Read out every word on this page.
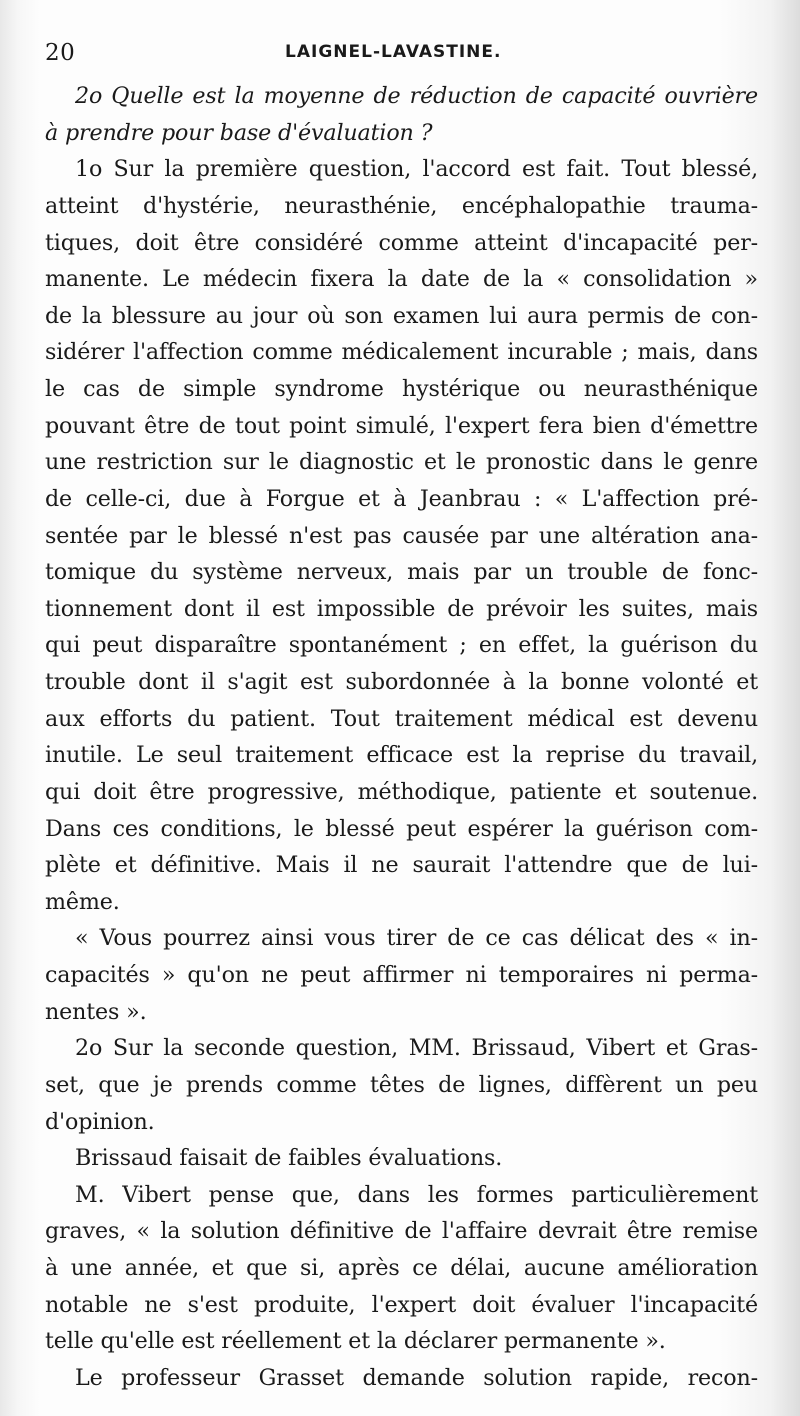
20	LAIGNEL-LAVASTINE.
2o Quelle est la moyenne de réduction de capacité ouvrière
à prendre pour base d'évaluation ?
1o Sur la première question, l'accord est fait. Tout blessé,
atteint d'hystérie, neurasthénie, encéphalopathie trauma-
tiques, doit être considéré comme atteint d'incapacité per-
manente. Le médecin fixera la date de la « consolidation »
de la blessure au jour où son examen lui aura permis de con-
sidérer l'affection comme médicalement incurable ; mais, dans
le cas de simple syndrome hystérique ou neurasthénique
pouvant être de tout point simulé, l'expert fera bien d'émettre
une restriction sur le diagnostic et le pronostic dans le genre
de celle-ci, due à Forgue et à Jeanbrau : « L'affection pré-
sentée par le blessé n'est pas causée par une altération ana-
tomique du système nerveux, mais par un trouble de fonc-
tionnement dont il est impossible de prévoir les suites, mais
qui peut disparaître spontanément ; en effet, la guérison du
trouble dont il s'agit est subordonnée à la bonne volonté et
aux efforts du patient. Tout traitement médical est devenu
inutile. Le seul traitement efficace est la reprise du travail,
qui doit être progressive, méthodique, patiente et soutenue.
Dans ces conditions, le blessé peut espérer la guérison com-
plète et définitive. Mais il ne saurait l'attendre que de lui-
même.
« Vous pourrez ainsi vous tirer de ce cas délicat des « in-
capacités » qu'on ne peut affirmer ni temporaires ni perma-
nentes ».
2o Sur la seconde question, MM. Brissaud, Vibert et Gras-
set, que je prends comme têtes de lignes, diffèrent un peu
d'opinion.
Brissaud faisait de faibles évaluations.
M. Vibert pense que, dans les formes particulièrement
graves, « la solution définitive de l'affaire devrait être remise
à une année, et que si, après ce délai, aucune amélioration
notable ne s'est produite, l'expert doit évaluer l'incapacité
telle qu'elle est réellement et la déclarer permanente ».
Le professeur Grasset demande solution rapide, recon-
